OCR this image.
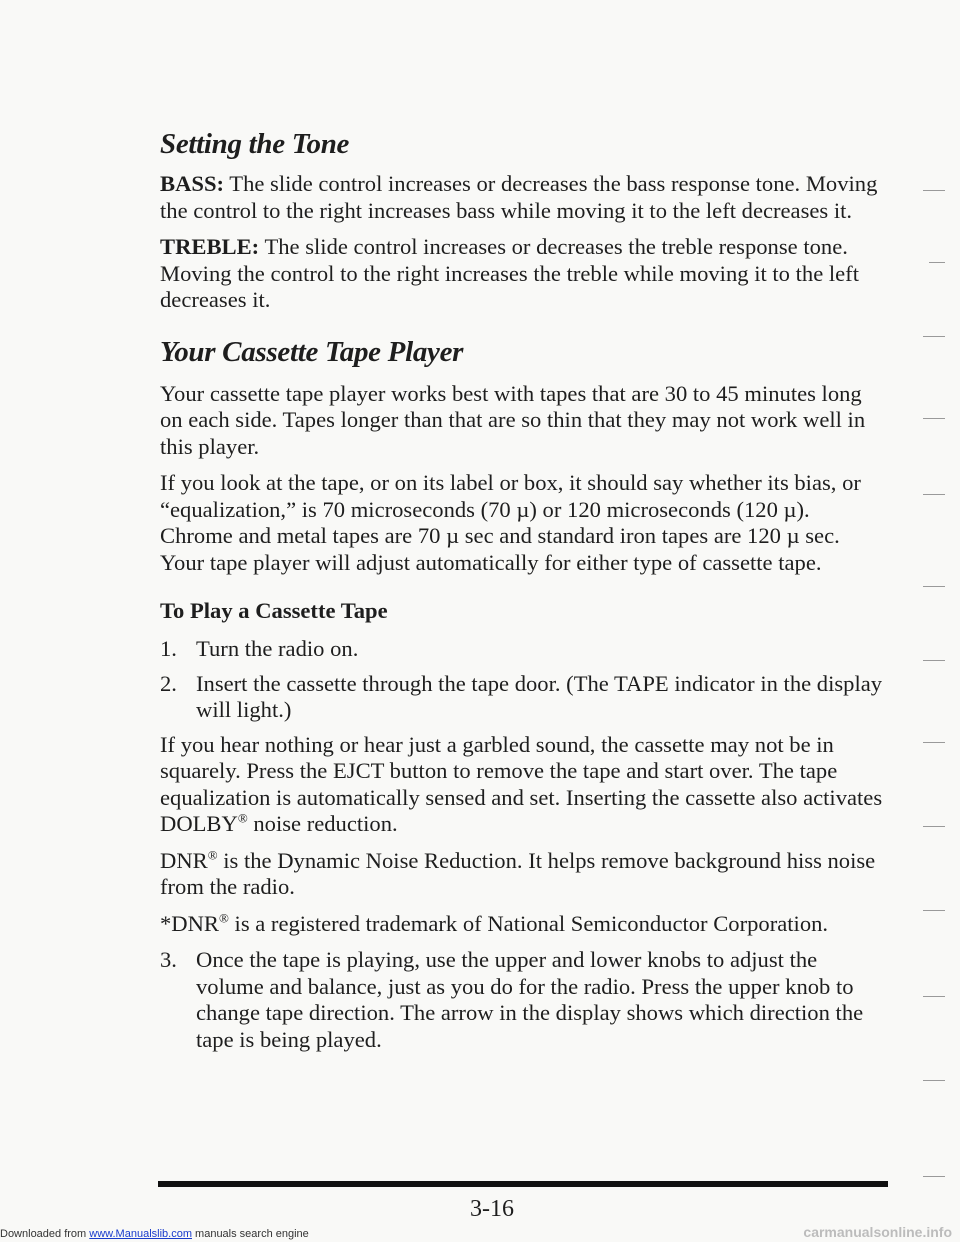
Setting the Tone

BASS: The slide control increases or decreases the bass response tone. Moving the control to the right increases bass while moving it to the left decreases it.

TREBLE: The slide control increases or decreases the treble response tone. Moving the control to the right increases the treble while moving it to the left decreases it.

Your Cassette Tape Player

Your cassette tape player works best with tapes that are 30 to 45 minutes long on each side. Tapes longer than that are so thin that they may not work well in this player.

If you look at the tape, or on its label or box, it should say whether its bias, or “equalization,” is 70 microseconds (70 µ) or 120 microseconds (120 µ). Chrome and metal tapes are 70 µ sec and standard iron tapes are 120 µ sec. Your tape player will adjust automatically for either type of cassette tape.

To Play a Cassette Tape
1. Turn the radio on.
2. Insert the cassette through the tape door. (The TAPE indicator in the display will light.)

If you hear nothing or hear just a garbled sound, the cassette may not be in squarely. Press the EJCT button to remove the tape and start over. The tape equalization is automatically sensed and set. Inserting the cassette also activates DOLBY® noise reduction.

DNR® is the Dynamic Noise Reduction. It helps remove background hiss noise from the radio.

*DNR® is a registered trademark of National Semiconductor Corporation.

3. Once the tape is playing, use the upper and lower knobs to adjust the volume and balance, just as you do for the radio. Press the upper knob to change tape direction. The arrow in the display shows which direction the tape is being played.
3-16
Downloaded from www.Manualslib.com manuals search engine	carmanualsonline.info
